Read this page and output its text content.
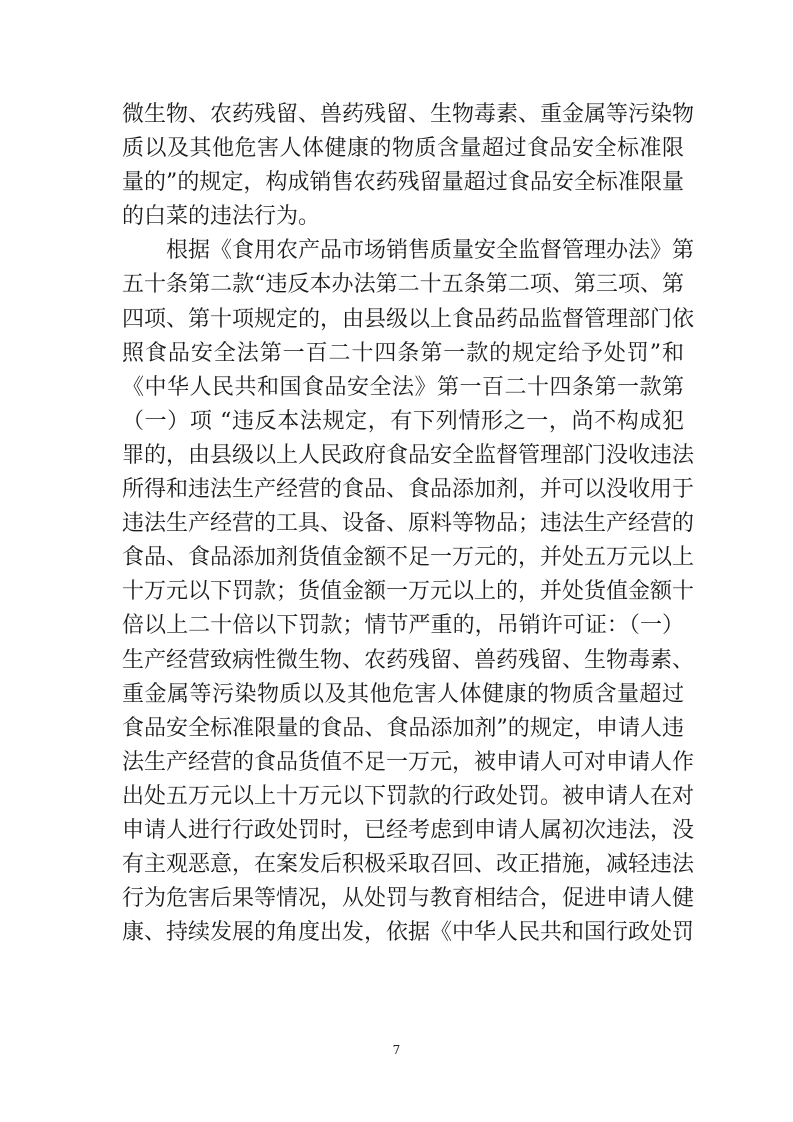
微生物、农药残留、兽药残留、生物毒素、重金属等污染物
质以及其他危害人体健康的物质含量超过食品安全标准限
量的”的规定，构成销售农药残留量超过食品安全标准限量
的白菜的违法行为。
根据《食用农产品市场销售质量安全监督管理办法》第
五十条第二款“违反本办法第二十五条第二项、第三项、第
四项、第十项规定的，由县级以上食品药品监督管理部门依
照食品安全法第一百二十四条第一款的规定给予处罚”和
《中华人民共和国食品安全法》第一百二十四条第一款第
（一）项 “违反本法规定，有下列情形之一，尚不构成犯
罪的，由县级以上人民政府食品安全监督管理部门没收违法
所得和违法生产经营的食品、食品添加剂，并可以没收用于
违法生产经营的工具、设备、原料等物品；违法生产经营的
食品、食品添加剂货值金额不足一万元的，并处五万元以上
十万元以下罚款；货值金额一万元以上的，并处货值金额十
倍以上二十倍以下罚款；情节严重的，吊销许可证：（一）
生产经营致病性微生物、农药残留、兽药残留、生物毒素、
重金属等污染物质以及其他危害人体健康的物质含量超过
食品安全标准限量的食品、食品添加剂”的规定，申请人违
法生产经营的食品货值不足一万元，被申请人可对申请人作
出处五万元以上十万元以下罚款的行政处罚。被申请人在对
申请人进行行政处罚时，已经考虑到申请人属初次违法，没
有主观恶意，在案发后积极采取召回、改正措施，减轻违法
行为危害后果等情况，从处罚与教育相结合，促进申请人健
康、持续发展的角度出发，依据《中华人民共和国行政处罚
7
